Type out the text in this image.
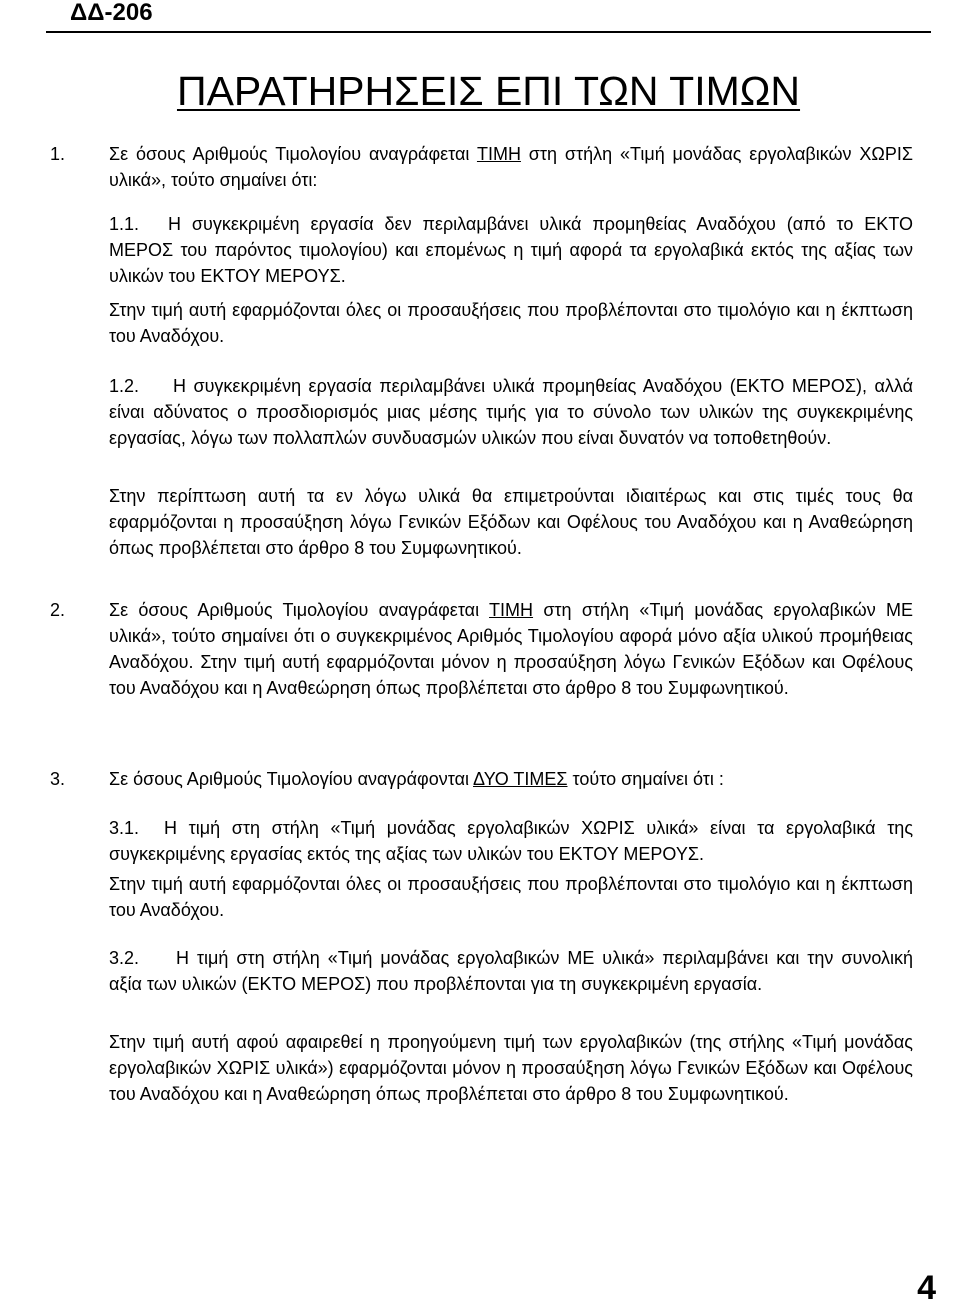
ΔΔ-206
ΠΑΡΑΤΗΡΗΣΕΙΣ ΕΠΙ ΤΩΝ ΤΙΜΩΝ
1. Σε όσους Αριθμούς Τιμολογίου αναγράφεται ΤΙΜΗ στη στήλη «Τιμή μονάδας εργολαβικών ΧΩΡΙΣ υλικά», τούτο σημαίνει ότι:
1.1.	Η συγκεκριμένη εργασία δεν περιλαμβάνει υλικά προμηθείας Αναδόχου (από το ΕΚΤΟ ΜΕΡΟΣ του παρόντος τιμολογίου) και επομένως η τιμή αφορά τα εργολαβικά εκτός της αξίας των υλικών του ΕΚΤΟΥ ΜΕΡΟΥΣ.

Στην τιμή αυτή εφαρμόζονται όλες οι προσαυξήσεις που προβλέπονται στο τιμολόγιο και η έκπτωση του Αναδόχου.

1.2.	Η συγκεκριμένη εργασία περιλαμβάνει υλικά προμηθείας Αναδόχου (ΕΚΤΟ ΜΕΡΟΣ), αλλά είναι αδύνατος ο προσδιορισμός μιας μέσης τιμής για το σύνολο των υλικών της συγκεκριμένης εργασίας, λόγω των πολλαπλών συνδυασμών υλικών που είναι δυνατόν να τοποθετηθούν.

Στην περίπτωση αυτή τα εν λόγω υλικά θα επιμετρούνται ιδιαιτέρως και στις τιμές τους θα εφαρμόζονται η προσαύξηση λόγω Γενικών Εξόδων και Οφέλους του Αναδόχου και η Αναθεώρηση όπως προβλέπεται στο άρθρο 8 του Συμφωνητικού.

2. Σε όσους Αριθμούς Τιμολογίου αναγράφεται ΤΙΜΗ στη στήλη «Τιμή μονάδας εργολαβικών ΜΕ υλικά», τούτο σημαίνει ότι ο συγκεκριμένος Αριθμός Τιμολογίου αφορά μόνο αξία υλικού προμήθειας Αναδόχου. Στην τιμή αυτή εφαρμόζονται μόνον η προσαύξηση λόγω Γενικών Εξόδων και Οφέλους του Αναδόχου και η Αναθεώρηση όπως προβλέπεται στο άρθρο 8 του Συμφωνητικού.
3. Σε όσους Αριθμούς Τιμολογίου αναγράφονται ΔΥΟ ΤΙΜΕΣ τούτο σημαίνει ότι :
3.1.	Η τιμή στη στήλη «Τιμή μονάδας εργολαβικών ΧΩΡΙΣ υλικά» είναι τα εργολαβικά της συγκεκριμένης εργασίας εκτός της αξίας των υλικών του ΕΚΤΟΥ ΜΕΡΟΥΣ.

Στην τιμή αυτή εφαρμόζονται όλες οι προσαυξήσεις που προβλέπονται στο τιμολόγιο και η έκπτωση του Αναδόχου.

3.2.	Η τιμή στη στήλη «Τιμή μονάδας εργολαβικών ΜΕ υλικά» περιλαμβάνει και την συνολική αξία των υλικών (ΕΚΤΟ ΜΕΡΟΣ) που προβλέπονται για τη συγκεκριμένη εργασία.

Στην τιμή αυτή αφού αφαιρεθεί η προηγούμενη τιμή των εργολαβικών (της στήλης «Τιμή μονάδας εργολαβικών ΧΩΡΙΣ υλικά») εφαρμόζονται μόνον η προσαύξηση λόγω Γενικών Εξόδων και Οφέλους του Αναδόχου και η Αναθεώρηση όπως προβλέπεται στο άρθρο 8 του Συμφωνητικού.

4
